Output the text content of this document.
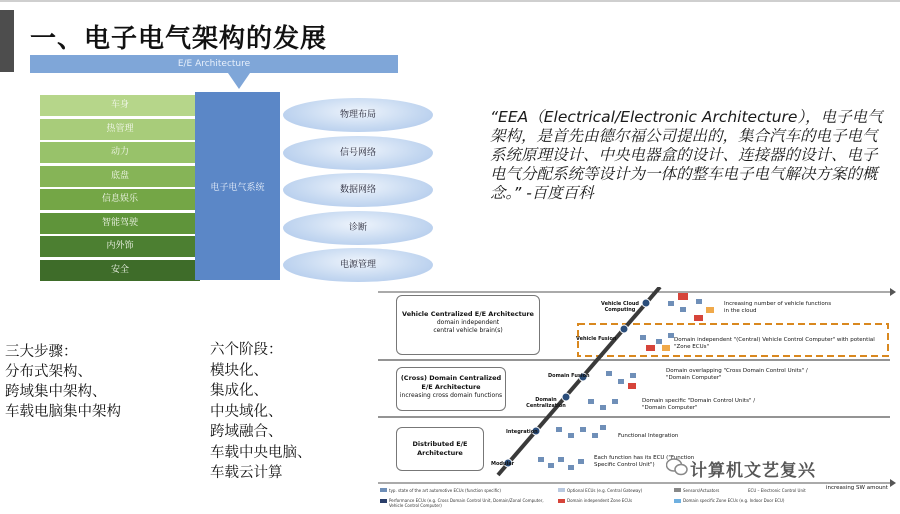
一、电子电气架构的发展
E/E Architecture
车身
热管理
动力
底盘
信息娱乐
智能驾驶
内外饰
安全
电子电气系统
物理布局
信号网络
数据网络
诊断
电源管理
“EEA（Electrical/Electronic Architecture），电子电气架构，是首先由德尔福公司提出的，集合汽车的电子电气系统原理设计、中央电器盒的设计、连接器的设计、电子电气分配系统等设计为一体的整车电子电气解决方案的概念。” -百度百科
三大步骤：
分布式架构、
跨域集中架构、
车载电脑集中架构
六个阶段：
模块化、
集成化、
中央域化、
跨域融合、
车载中央电脑、
车载云计算
Vehicle Centralized E/E Architecture
domain independent
central vehicle brain(s)
(Cross) Domain Centralized E/E Architecture
increasing cross domain functions
Distributed E/E Architecture
Vehicle Cloud Computing
Vehicle Fusion
Domain Fusion
Domain Centralization
Integration
Modular
Increasing number of vehicle functions in the cloud
Domain independent "(Central) Vehicle Control Computer" with potential "Zone ECUs"
Domain overlapping "Cross Domain Control Units" / "Domain Computer"
Domain specific "Domain Control Units" / "Domain Computer"
Functional Integration
Each function has its ECU ("Function Specific Control Unit")
increasing SW amount
typ. state of the art automotive ECUs (function specific)
Performance ECUs (e.g. Cross Domain Control Unit, Domain/Zonal Computer, Vehicle Control Computer)
Optional ECUs (e.g. Central Gateway)
Domain independent Zone ECUs
Sensors/Actuators
Domain specific Zone ECUs (e.g. Indoor Door ECU)
ECU – Electronic Control Unit
计算机文艺复兴
